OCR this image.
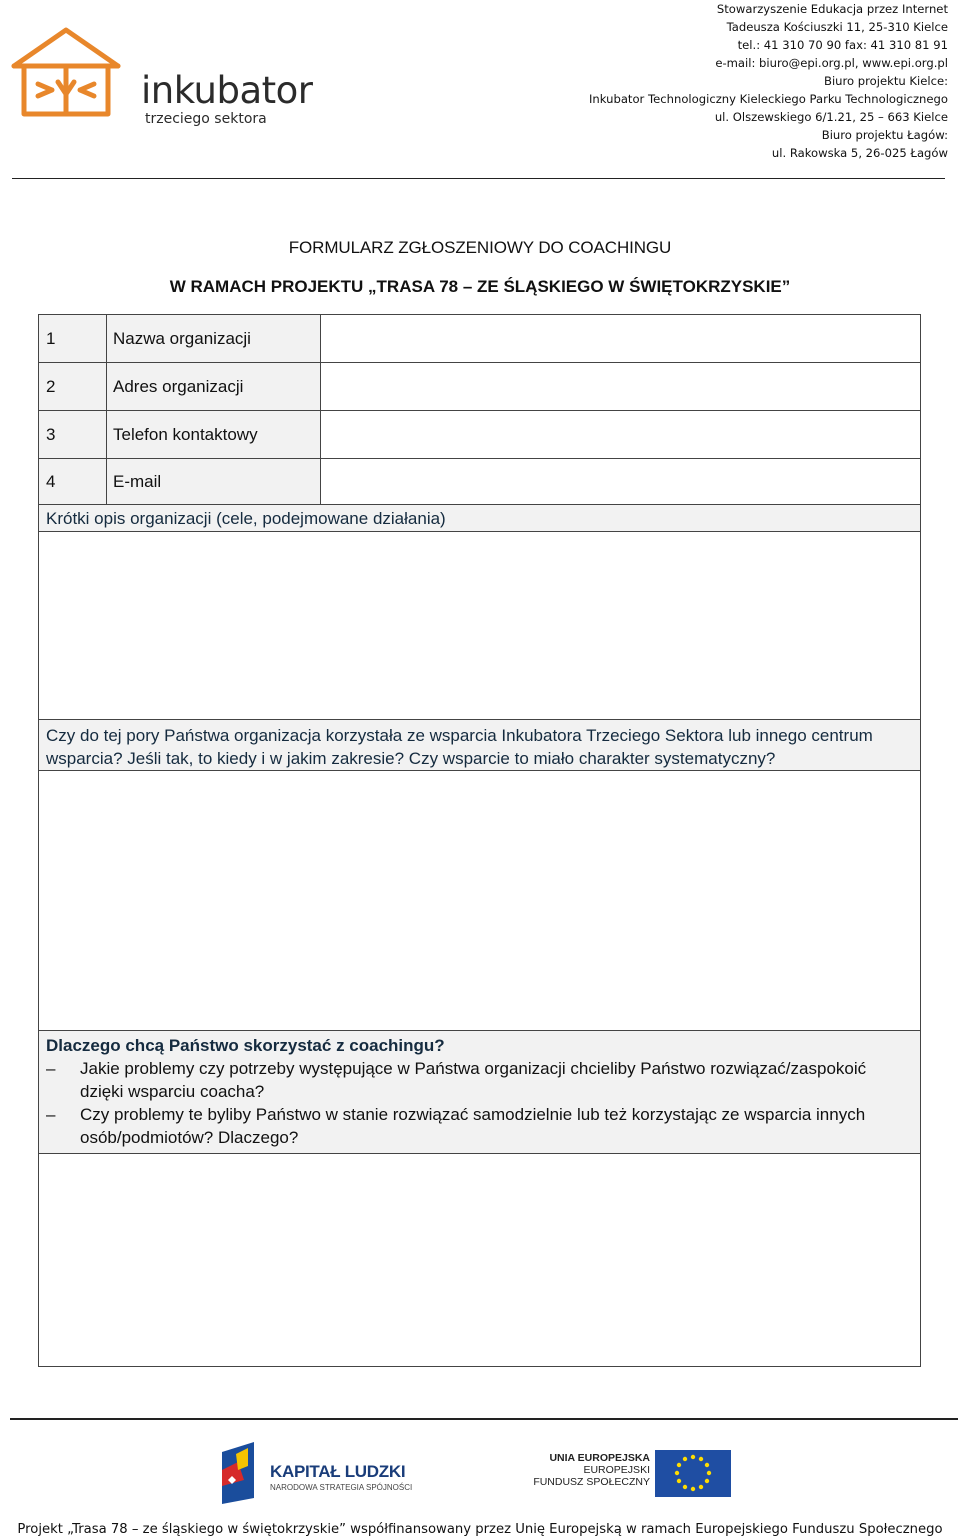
inkubator
trzeciego sektora
Stowarzyszenie Edukacja przez Internet
Tadeusza Kościuszki 11, 25-310 Kielce
tel.: 41 310 70 90 fax: 41 310 81 91
e-mail: biuro@epi.org.pl, www.epi.org.pl
Biuro projektu Kielce:
Inkubator Technologiczny Kieleckiego Parku Technologicznego
ul. Olszewskiego 6/1.21, 25 – 663 Kielce
Biuro projektu Łagów:
ul. Rakowska 5, 26-025 Łagów
FORMULARZ ZGŁOSZENIOWY DO COACHINGU
W RAMACH PROJEKTU „TRASA 78 – ZE ŚLĄSKIEGO W ŚWIĘTOKRZYSKIE”
1	Nazwa organizacji
2	Adres organizacji
3	Telefon kontaktowy
4	E-mail
Krótki opis organizacji (cele, podejmowane działania)
Czy do tej pory Państwa organizacja korzystała ze wsparcia Inkubatora Trzeciego Sektora lub innego centrum wsparcia? Jeśli tak, to kiedy i w jakim zakresie? Czy wsparcie to miało charakter systematyczny?
Dlaczego chcą Państwo skorzystać z coachingu?
–	Jakie problemy czy potrzeby występujące w Państwa organizacji chcieliby Państwo rozwiązać/zaspokoić dzięki wsparciu coacha?
–	Czy problemy te byliby Państwo w stanie rozwiązać samodzielnie lub też korzystając ze wsparcia innych osób/podmiotów? Dlaczego?
KAPITAŁ LUDZKI
NARODOWA STRATEGIA SPÓJNOŚCI
UNIA EUROPEJSKA
EUROPEJSKI
FUNDUSZ SPOŁECZNY
Projekt „Trasa 78 – ze śląskiego w świętokrzyskie” współfinansowany przez Unię Europejską w ramach Europejskiego Funduszu Społecznego
